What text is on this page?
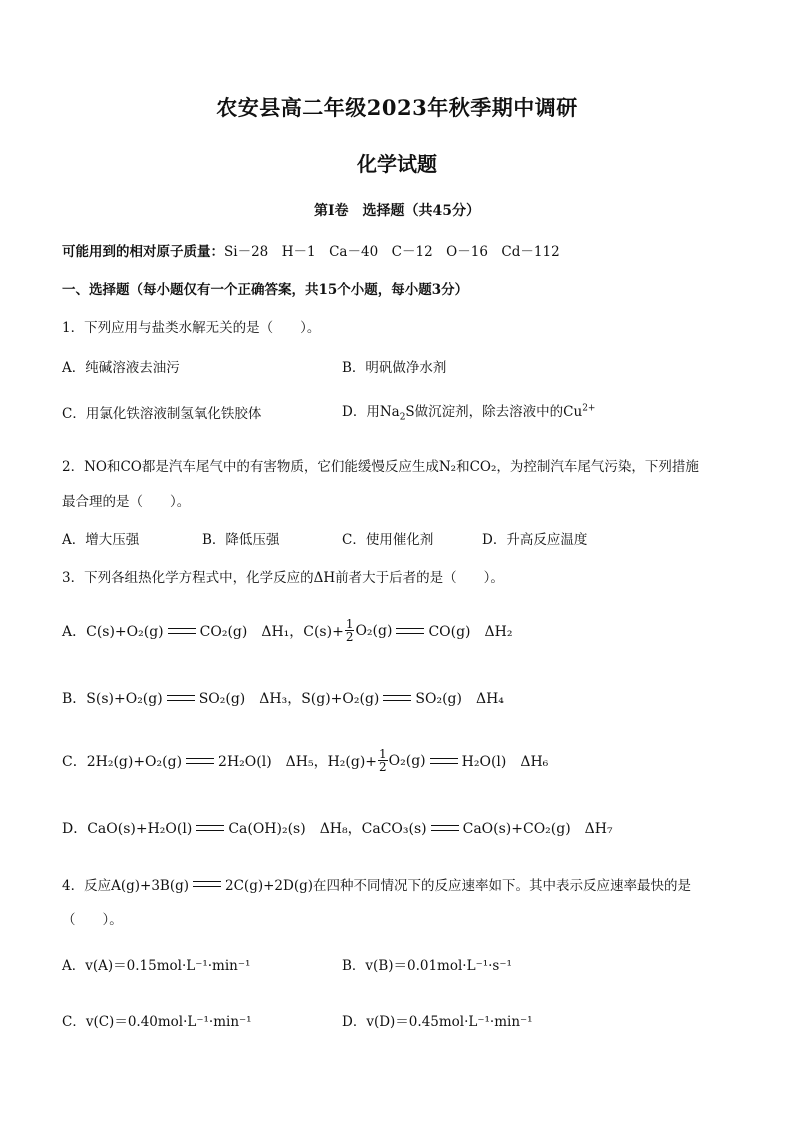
农安县高二年级2023年秋季期中调研
化学试题
第Ⅰ卷　选择题（共45分）
可能用到的相对原子质量：Si－28　H－1　Ca－40　C－12　O－16　Cd－112
一、选择题（每小题仅有一个正确答案，共15个小题，每小题3分）
1．下列应用与盐类水解无关的是（　　）。
A．纯碱溶液去油污	B．明矾做净水剂
C．用氯化铁溶液制氢氧化铁胶体	D．用$Na_2S$做沉淀剂，除去溶液中的$Cu^{2+}$
2．NO和CO都是汽车尾气中的有害物质，它们能缓慢反应生成N₂和CO₂，为控制汽车尾气污染，下列措施
最合理的是（　　）。
A．增大压强	B．降低压强	C．使用催化剂	D．升高反应温度
3．下列各组热化学方程式中，化学反应的ΔH前者大于后者的是（　　）。
A．C(s)+O₂(g)	CO₂(g)　ΔH₁，$C(s)+ \frac{1}{2} O_2(g)$	CO(g)　ΔH₂
B．S(s)+O₂(g)	SO₂(g)　ΔH₃，S(g)+O₂(g)	SO₂(g)　ΔH₄
C．2H₂(g)+O₂(g)	2H₂O(l)　ΔH₅，$H_2(g)+ \frac{1}{2} O_2(g)$	H₂O(l)　ΔH₆
D．CaO(s)+H₂O(l)	Ca(OH)₂(s)　ΔH₈，CaCO₃(s)	CaO(s)+CO₂(g)　ΔH₇
4．反应A(g)+3B(g)	2C(g)+2D(g)在四种不同情况下的反应速率如下。其中表示反应速率最快的是
（　　）。
A．v(A)＝0.15mol·L⁻¹·min⁻¹	B．v(B)＝0.01mol·L⁻¹·s⁻¹
C．v(C)＝0.40mol·L⁻¹·min⁻¹	D．v(D)＝0.45mol·L⁻¹·min⁻¹
